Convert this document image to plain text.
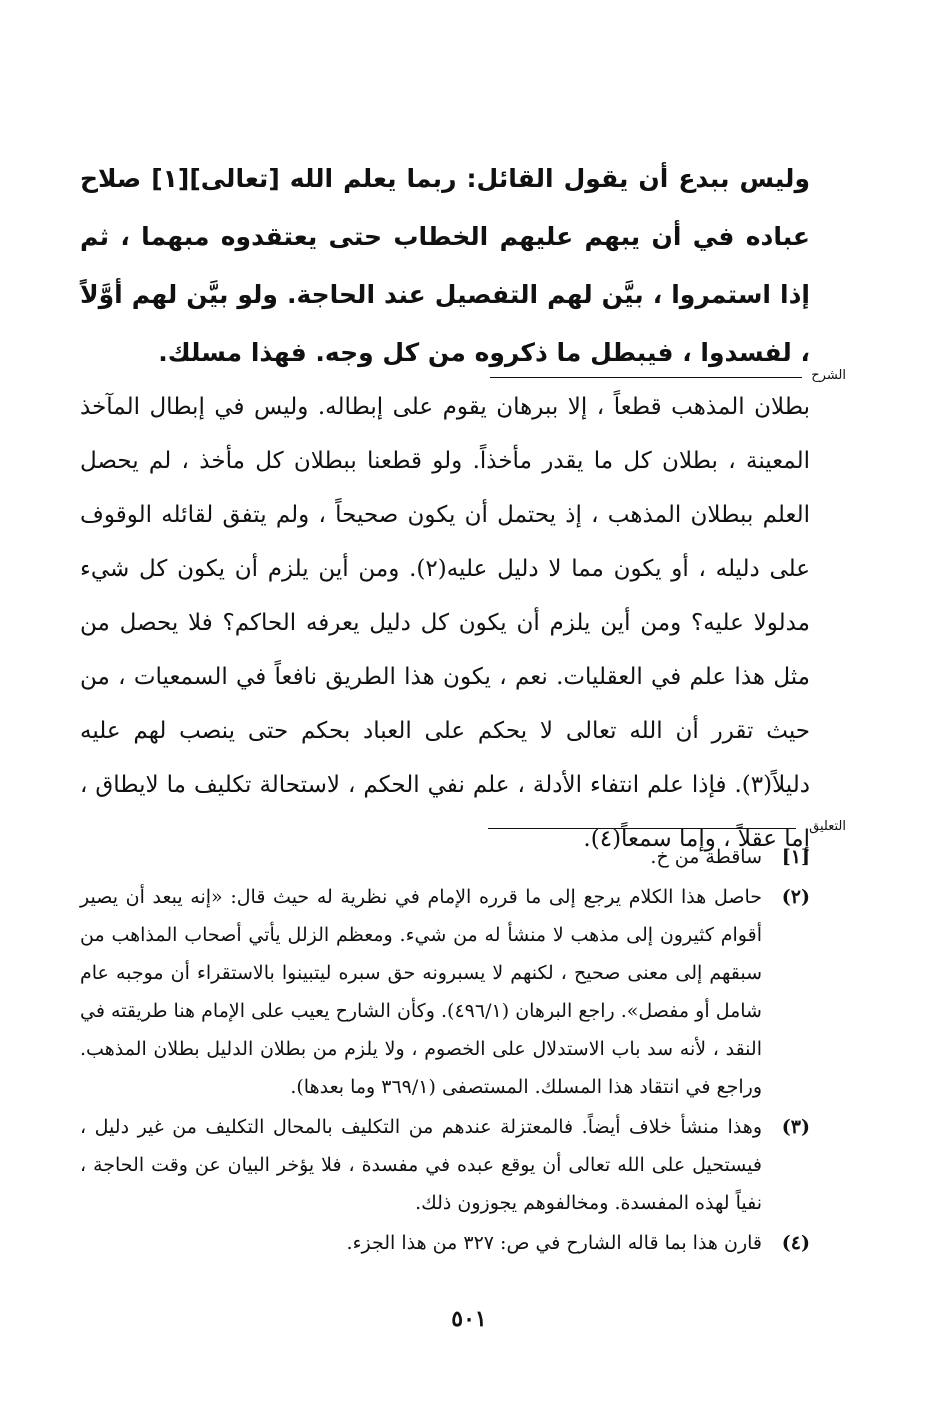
وليس ببدع أن يقول القائل: ربما يعلم الله [تعالى][١] صلاح عباده في أن يبهم عليهم الخطاب حتى يعتقدوه مبهما ، ثم إذا استمروا ، بيَّن لهم التفصيل عند الحاجة. ولو بيَّن لهم أوَّلاً ، لفسدوا ، فيبطل ما ذكروه من كل وجه. فهذا مسلك.

الشرح

بطلان المذهب قطعاً ، إلا ببرهان يقوم على إبطاله. وليس في إبطال المآخذ المعينة ، بطلان كل ما يقدر مأخذاً. ولو قطعنا ببطلان كل مأخذ ، لم يحصل العلم ببطلان المذهب ، إذ يحتمل أن يكون صحيحاً ، ولم يتفق لقائله الوقوف على دليله ، أو يكون مما لا دليل عليه(٢). ومن أين يلزم أن يكون كل شيء مدلولا عليه؟ ومن أين يلزم أن يكون كل دليل يعرفه الحاكم؟ فلا يحصل من مثل هذا علم في العقليات. نعم ، يكون هذا الطريق نافعاً في السمعيات ، من حيث تقرر أن الله تعالى لا يحكم على العباد بحكم حتى ينصب لهم عليه دليلاً(٣). فإذا علم انتفاء الأدلة ، علم نفي الحكم ، لاستحالة تكليف ما لايطاق ، إما عقلاً ، وإما سمعاً(٤). التعليق
[١]
ساقطة من خ.
(٢)
حاصل هذا الكلام يرجع إلى ما قرره الإمام في نظرية له حيث قال: «إنه يبعد أن يصير أقوام كثيرون إلى مذهب لا منشأ له من شيء. ومعظم الزلل يأتي أصحاب المذاهب من سبقهم إلى معنى صحيح ، لكنهم لا يسبرونه حق سبره ليتبينوا بالاستقراء أن موجبه عام شامل أو مفصل». راجع البرهان (٤٩٦/١). وكأن الشارح يعيب على الإمام هنا طريقته في النقد ، لأنه سد باب الاستدلال على الخصوم ، ولا يلزم من بطلان الدليل بطلان المذهب. وراجع في انتقاد هذا المسلك. المستصفى (٣٦٩/١ وما بعدها).
(٣)
وهذا منشأ خلاف أيضاً. فالمعتزلة عندهم من التكليف بالمحال التكليف من غير دليل ، فيستحيل على الله تعالى أن يوقع عبده في مفسدة ، فلا يؤخر البيان عن وقت الحاجة ، نفياً لهذه المفسدة. ومخالفوهم يجوزون ذلك.
(٤)
قارن هذا بما قاله الشارح في ص: ٣٢٧ من هذا الجزء.
٥٠١
